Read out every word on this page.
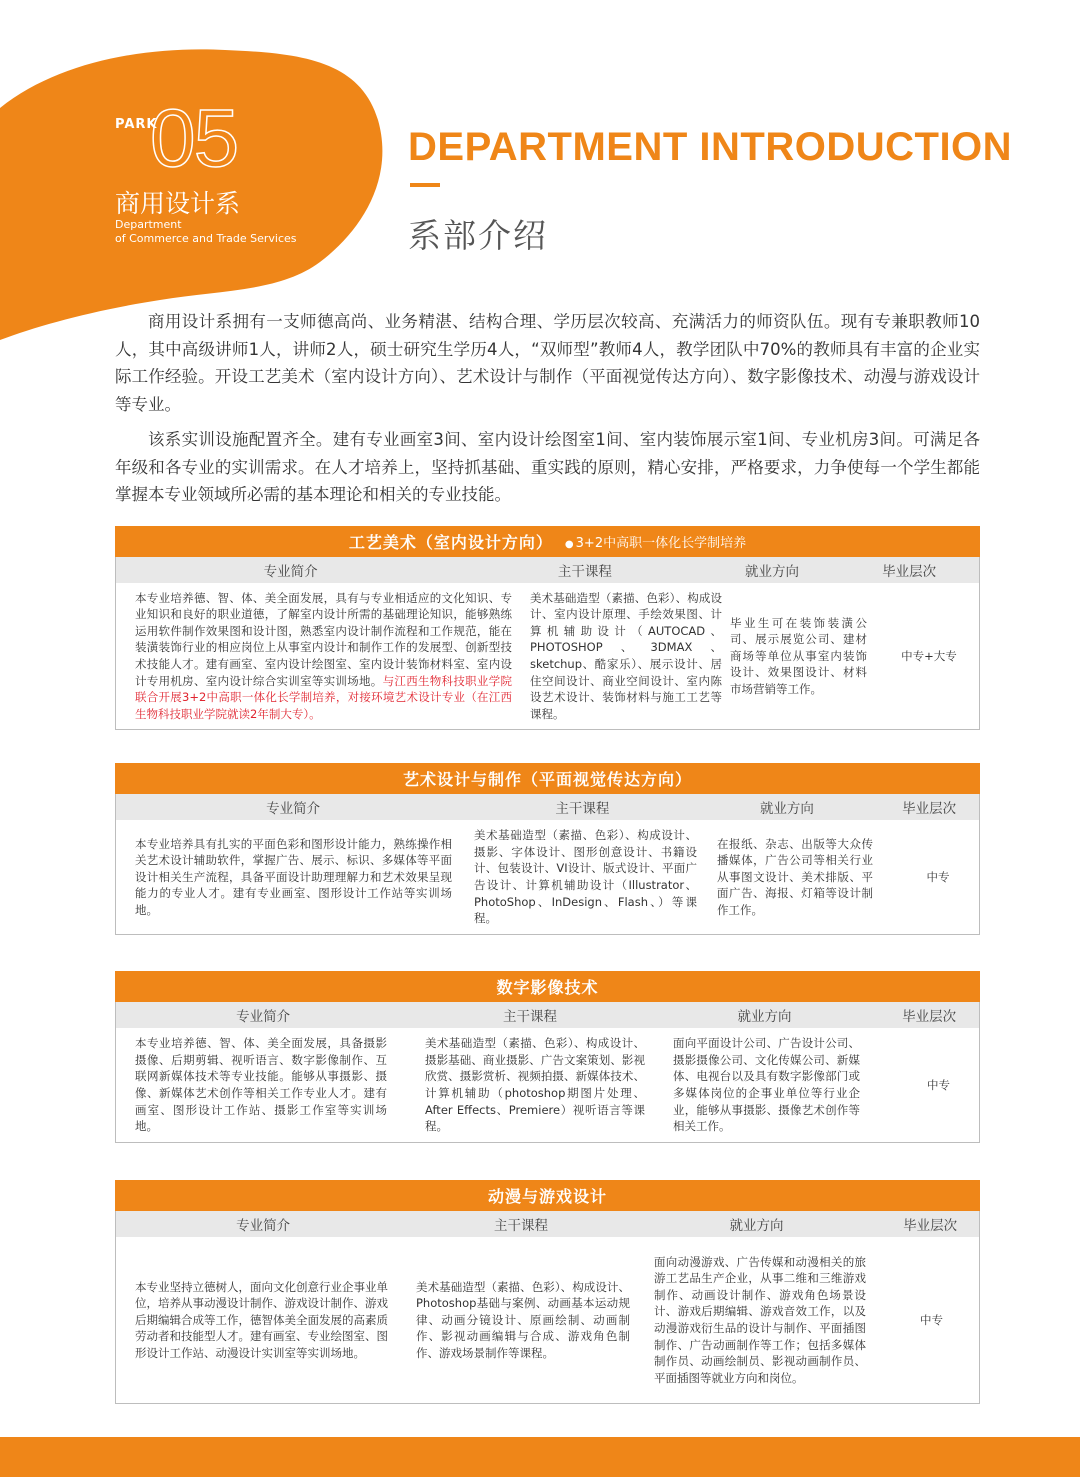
PARK
05
商用设计系
Department
of Commerce and Trade Services
DEPARTMENT INTRODUCTION
系部介绍

商用设计系拥有一支师德高尚、业务精湛、结构合理、学历层次较高、充满活力的师资队伍。现有专兼职教师10人，其中高级讲师1人，讲师2人，硕士研究生学历4人，“双师型”教师4人，教学团队中70%的教师具有丰富的企业实际工作经验。开设工艺美术（室内设计方向）、艺术设计与制作（平面视觉传达方向）、数字影像技术、动漫与游戏设计等专业。

该系实训设施配置齐全。建有专业画室3间、室内设计绘图室1间、室内装饰展示室1间、专业机房3间。可满足各年级和各专业的实训需求。在人才培养上，坚持抓基础、重实践的原则，精心安排，严格要求，力争使每一个学生都能掌握本专业领域所必需的基本理论和相关的专业技能。

工艺美术（室内设计方向）
●	3+2中高职一体化长学制培养
专业简介	主干课程	就业方向	毕业层次
本专业培养德、智、体、美全面发展，具有与专业相适应的文化知识、专业知识和良好的职业道德，了解室内设计所需的基础理论知识，能够熟练运用软件制作效果图和设计图，熟悉室内设计制作流程和工作规范，能在装潢装饰行业的相应岗位上从事室内设计和制作工作的发展型、创新型技术技能人才。建有画室、室内设计绘图室、室内设计装饰材料室、室内设计专用机房、室内设计综合实训室等实训场地。与江西生物科技职业学院联合开展3+2中高职一体化长学制培养，对接环境艺术设计专业（在江西生物科技职业学院就读2年制大专）。
美术基础造型（素描、色彩）、构成设计、室内设计原理、手绘效果图、计算机辅助设计（AUTOCAD、PHOTOSHOP、3DMAX、sketchup、酷家乐）、展示设计、居住空间设计、商业空间设计、室内陈设艺术设计、装饰材料与施工工艺等课程。
毕业生可在装饰装潢公司、展示展览公司、建材商场等单位从事室内装饰设计、效果图设计、材料市场营销等工作。
中专+大专
艺术设计与制作（平面视觉传达方向）
专业简介	主干课程	就业方向	毕业层次
本专业培养具有扎实的平面色彩和图形设计能力，熟练操作相关艺术设计辅助软件，掌握广告、展示、标识、多媒体等平面设计相关生产流程，具备平面设计助理理解力和艺术效果呈现能力的专业人才。建有专业画室、图形设计工作站等实训场地。
美术基础造型（素描、色彩）、构成设计、摄影、字体设计、图形创意设计、书籍设计、包装设计、VI设计、版式设计、平面广告设计、计算机辅助设计（Illustrator、PhotoShop、InDesign、Flash、）等课程。
在报纸、杂志、出版等大众传播媒体，广告公司等相关行业从事图文设计、美术排版、平面广告、海报、灯箱等设计制作工作。
中专
数字影像技术
专业简介	主干课程	就业方向	毕业层次
本专业培养德、智、体、美全面发展，具备摄影摄像、后期剪辑、视听语言、数字影像制作、互联网新媒体技术等专业技能。能够从事摄影、摄像、新媒体艺术创作等相关工作专业人才。建有画室、图形设计工作站、摄影工作室等实训场地。
美术基础造型（素描、色彩）、构成设计、摄影基础、商业摄影、广告文案策划、影视欣赏、摄影赏析、视频拍摄、新媒体技术、计算机辅助（photoshop期图片处理、After Effects、Premiere）视听语言等课程。
面向平面设计公司、广告设计公司、摄影摄像公司、文化传媒公司、新媒体、电视台以及具有数字影像部门或多媒体岗位的企事业单位等行业企业，能够从事摄影、摄像艺术创作等相关工作。
中专
动漫与游戏设计
专业简介	主干课程	就业方向	毕业层次
本专业坚持立德树人，面向文化创意行业企事业单位，培养从事动漫设计制作、游戏设计制作、游戏后期编辑合成等工作，德智体美全面发展的高素质劳动者和技能型人才。建有画室、专业绘图室、图形设计工作站、动漫设计实训室等实训场地。
美术基础造型（素描、色彩）、构成设计、Photoshop基础与案例、动画基本运动规律、动画分镜设计、原画绘制、动画制作、影视动画编辑与合成、游戏角色制作、游戏场景制作等课程。
面向动漫游戏、广告传媒和动漫相关的旅游工艺品生产企业，从事二维和三维游戏制作、动画设计制作、游戏角色场景设计、游戏后期编辑、游戏音效工作，以及动漫游戏衍生品的设计与制作、平面插图制作、广告动画制作等工作；包括多媒体制作员、动画绘制员、影视动画制作员、平面插图等就业方向和岗位。
中专
